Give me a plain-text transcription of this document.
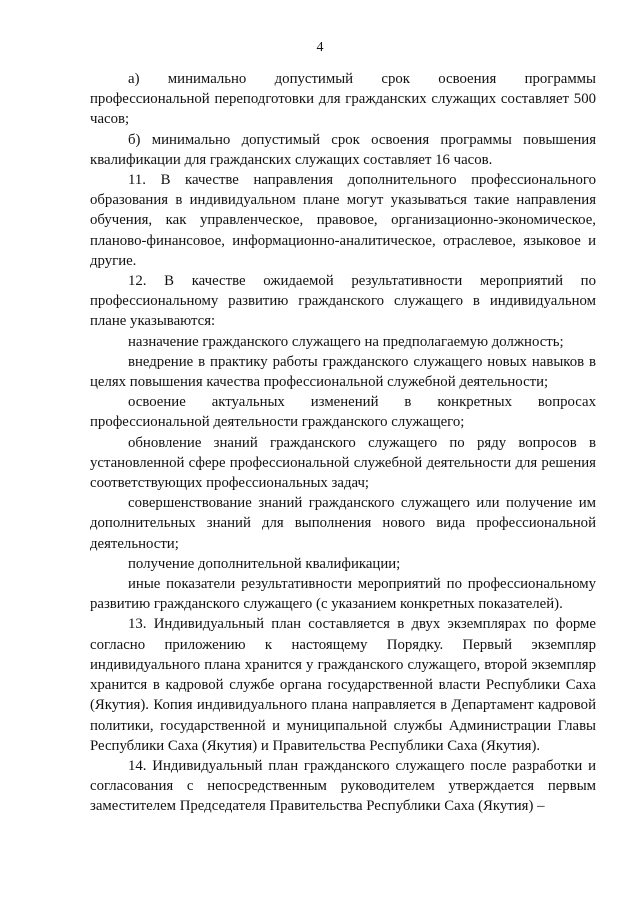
4

а) минимально допустимый срок освоения программы профессиональной переподготовки для гражданских служащих составляет 500 часов;

б) минимально допустимый срок освоения программы повышения квалификации для гражданских служащих составляет 16 часов.

11. В качестве направления дополнительного профессионального образования в индивидуальном плане могут указываться такие направления обучения, как управленческое, правовое, организационно-экономическое, планово-финансовое, информационно-аналитическое, отраслевое, языковое и другие.

12. В качестве ожидаемой результативности мероприятий по профессиональному развитию гражданского служащего в индивидуальном плане указываются:

назначение гражданского служащего на предполагаемую должность;

внедрение в практику работы гражданского служащего новых навыков в целях повышения качества профессиональной служебной деятельности;

освоение актуальных изменений в конкретных вопросах профессиональной деятельности гражданского служащего;

обновление знаний гражданского служащего по ряду вопросов в установленной сфере профессиональной служебной деятельности для решения соответствующих профессиональных задач;

совершенствование знаний гражданского служащего или получение им дополнительных знаний для выполнения нового вида профессиональной деятельности;

получение дополнительной квалификации;

иные показатели результативности мероприятий по профессиональному развитию гражданского служащего (с указанием конкретных показателей).

13. Индивидуальный план составляется в двух экземплярах по форме согласно приложению к настоящему Порядку. Первый экземпляр индивидуального плана хранится у гражданского служащего, второй экземпляр хранится в кадровой службе органа государственной власти Республики Саха (Якутия). Копия индивидуального плана направляется в Департамент кадровой политики, государственной и муниципальной службы Администрации Главы Республики Саха (Якутия) и Правительства Республики Саха (Якутия).

14. Индивидуальный план гражданского служащего после разработки и согласования с непосредственным руководителем утверждается первым заместителем Председателя Правительства Республики Саха (Якутия) –
